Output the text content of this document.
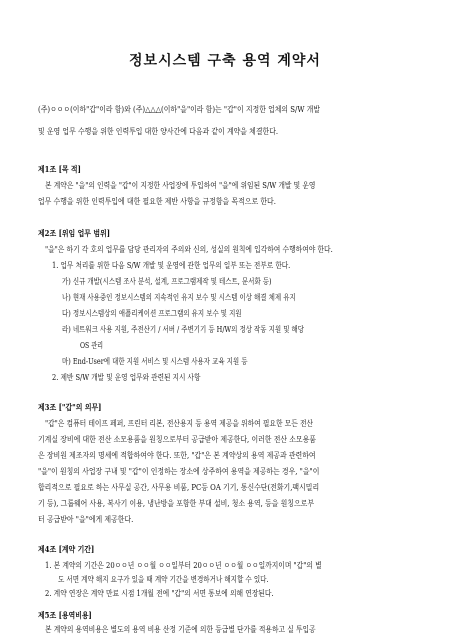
정보시스템 구축 용역 계약서
(주)ㅇㅇㅇ(이하"갑"이라 함)와 (주)△△△(이하"을"이라 함)는 "갑"이 지정한 업체의 S/W 개발
및 운영 업무 수행을 위한 인력투입 대한 양사간에 다음과 같이 계약을 체결한다.
제1조 [목 적]
본 계약은 "을"의 인력을 "갑"이 지정한 사업장에 투입하여 "을"에 위임된 S/W 개발 및 운영
업무 수행을 위한 인력투입에 대한 필요한 제반 사항을 규정함을 목적으로 한다.
제2조 [위임 업무 범위]
"을"은 하기 각 호의 업무를 담당 관리자의 주의와 신의, 성실의 원칙에 입각하여 수행하여야 한다.
1. 업무 처리를 위한 다음 S/W 개발 및 운영에 관한 업무의 일부 또는 전부로 한다.
가) 신규 개발(시스템 조사 분석, 설계, 프로그램제작 및 테스트, 문서화 등)
나) 현재 사용중인 정보시스템의 지속적인 유지 보수 및 시스템 이상 해결 체제 유지
다) 정보시스템상의 애플리케이션 프로그램의 유지 보수 및 지원
라) 네트워크 사용 지원, 주전산기 / 서버 / 주변기기 등 H/W의 정상 작동 지원 및 해당
OS 관리
마) End-User에 대한 지원 서비스 및 시스템 사용자 교육 지원 등
2. 제반 S/W 개발 및 운영 업무와 관련된 지시 사항
제3조 ["갑"의 의무]
"갑"은 컴퓨터 테이프 페퍼, 프린터 리본, 전산용지 등 용역 제공을 위하여 필요한 모든 전산
기계실 장비에 대한 전산 소모용품을 원칭으로부터 공급받아 제공한다, 이러한 전산 소모용품
은 장비원 제조자의 명세에 적합하여야 한다. 또한, "갑"은 본 계약상의 용역 제공과 관련하여
"을"이 원칭의 사업장 구내 및 "갑"이 인정하는 장소에 상주하여 용역을 제공하는 경우, "을"이
합리적으로 필요로 하는 사무실 공간, 사무용 비품, PC등 OA 기기, 통신수단(전화기,팩시밀리
기 등), 그룹웨어 사용, 복사기 이용, 냉난방을 포함한 부대 설비, 청소 용역, 등을 원칭으로부
터 공급받아 "을"에게 제공한다.
제4조 [계약 기간]
1. 본 계약의 기간은 20ㅇㅇ년 ㅇㅇ월 ㅇㅇ일부터 20ㅇㅇ년 ㅇㅇ월 ㅇㅇ일까지이며 "갑"의 별
도 서면 계약 해지 요구가 있을 때 계약 기간을 변경하거나 해지할 수 있다.
2. 계약 연장은 계약 만료 시점 1개월 전에 "갑"의 서면 통보에 의해 연장된다.
제5조 [용역비용]
본 계약의 용역비용은 별도의 용역 비용 산정 기준에 의한 등급별 단가를 적용하고 실 투입공
